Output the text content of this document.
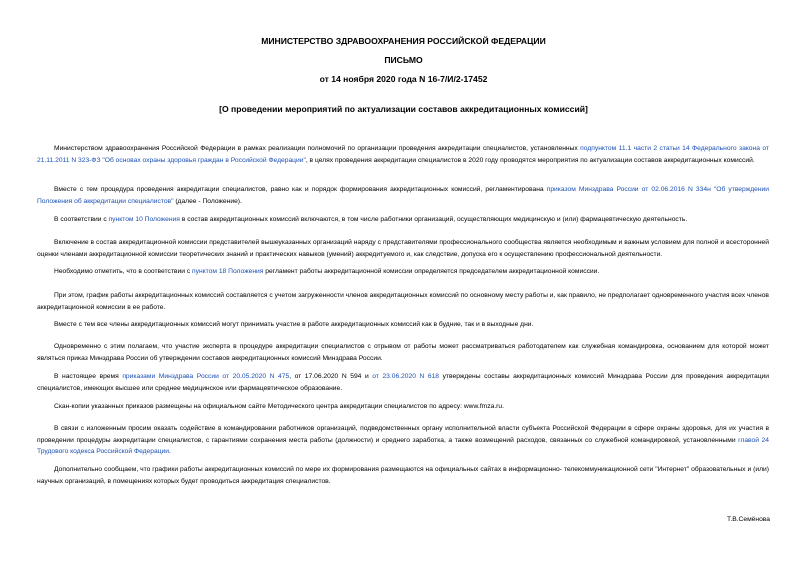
МИНИСТЕРСТВО ЗДРАВООХРАНЕНИЯ РОССИЙСКОЙ ФЕДЕРАЦИИ
ПИСЬМО
от 14 ноября 2020 года N 16-7/И/2-17452
[О проведении мероприятий по актуализации составов аккредитационных комиссий]

Министерством здравоохранения Российской Федерации в рамках реализации полномочий по организации проведения аккредитации специалистов, установленных подпунктом 11.1 части 2 статьи 14 Федерального закона от 21.11.2011 N 323-ФЗ "Об основах охраны здоровья граждан в Российской Федерации", в целях проведения аккредитации специалистов в 2020 году проводятся мероприятия по актуализации составов аккредитационных комиссий.

Вместе с тем процедура проведения аккредитации специалистов, равно как и порядок формирования аккредитационных комиссий, регламентирована приказом Минздрава России от 02.06.2016 N 334н "Об утверждении Положения об аккредитации специалистов" (далее - Положение).

В соответствии с пунктом 10 Положения в состав аккредитационных комиссий включаются, в том числе работники организаций, осуществляющих медицинскую и (или) фармацевтическую деятельность.

Включение в состав аккредитационной комиссии представителей вышеуказанных организаций наряду с представителями профессионального сообщества является необходимым и важным условием для полной и всесторонней оценки членами аккредитационной комиссии теоретических знаний и практических навыков (умений) аккредитуемого и, как следствие, допуска его к осуществлению профессиональной деятельности.

Необходимо отметить, что в соответствии с пунктом 18 Положения регламент работы аккредитационной комиссии определяется председателем аккредитационной комиссии.

При этом, график работы аккредитационных комиссий составляется с учетом загруженности членов аккредитационных комиссий по основному месту работы и, как правило, не предполагает одновременного участия всех членов аккредитационной комиссии в ее работе.

Вместе с тем все члены аккредитационных комиссий могут принимать участие в работе аккредитационных комиссий как в будние, так и в выходные дни.

Одновременно с этим полагаем, что участие эксперта в процедуре аккредитации специалистов с отрывом от работы может рассматриваться работодателем как служебная командировка, основанием для которой может являться приказ Минздрава России об утверждении составов аккредитационных комиссий Минздрава России.

В настоящее время приказами Минздрава России от 20.05.2020 N 475, от 17.06.2020 N 594 и от 23.06.2020 N 618 утверждены составы аккредитационных комиссий Минздрава России для проведения аккредитации специалистов, имеющих высшее или среднее медицинское или фармацевтическое образование.

Скан-копии указанных приказов размещены на официальном сайте Методического центра аккредитации специалистов по адресу: www.fmza.ru.

В связи с изложенным просим оказать содействие в командировании работников организаций, подведомственных органу исполнительной власти субъекта Российской Федерации в сфере охраны здоровья, для их участия в проведении процедуры аккредитации специалистов, с гарантиями сохранения места работы (должности) и среднего заработка, а также возмещений расходов, связанных со служебной командировкой, установленными главой 24 Трудового кодекса Российской Федерации.

Дополнительно сообщаем, что графики работы аккредитационных комиссий по мере их формирования размещаются на официальных сайтах в информационно- телекоммуникационной сети "Интернет" образовательных и (или) научных организаций, в помещениях которых будет проводиться аккредитация специалистов.

Т.В.Семёнова
